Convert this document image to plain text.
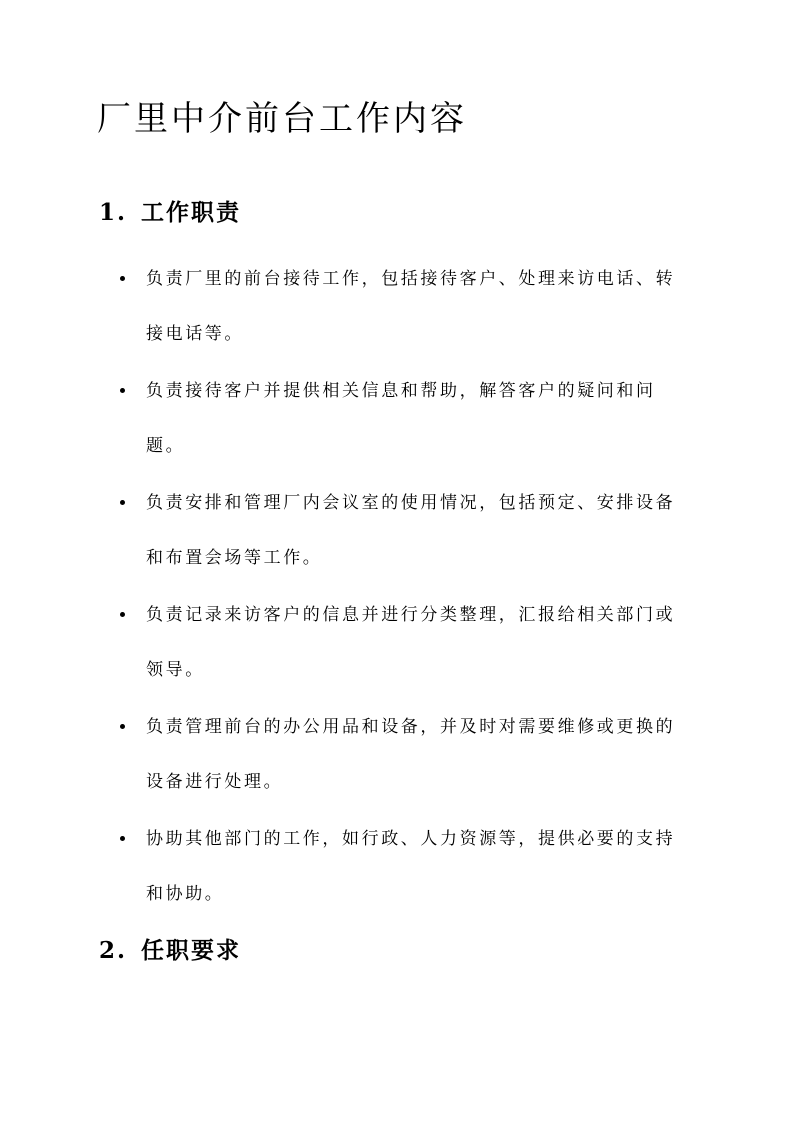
厂里中介前台工作内容
1. 工作职责
负责厂里的前台接待工作，包括接待客户、处理来访电话、转接电话等。
负责接待客户并提供相关信息和帮助，解答客户的疑问和问题。
负责安排和管理厂内会议室的使用情况，包括预定、安排设备和布置会场等工作。
负责记录来访客户的信息并进行分类整理，汇报给相关部门或领导。
负责管理前台的办公用品和设备，并及时对需要维修或更换的设备进行处理。
协助其他部门的工作，如行政、人力资源等，提供必要的支持和协助。
2. 任职要求
